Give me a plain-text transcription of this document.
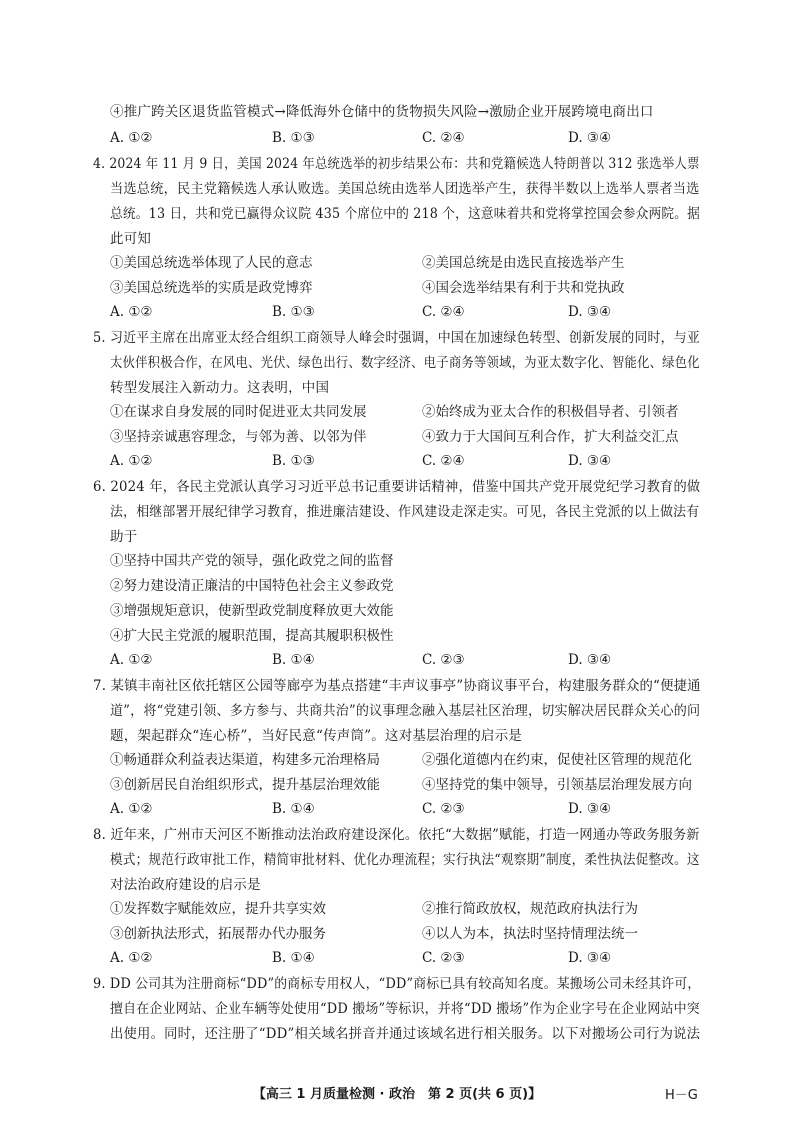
④推广跨关区退货监管模式→降低海外仓储中的货物损失风险→激励企业开展跨境电商出口
A. ①②	B. ①③	C. ②④	D. ③④
4. 2024 年 11 月 9 日，美国 2024 年总统选举的初步结果公布：共和党籍候选人特朗普以 312 张选举人票
当选总统，民主党籍候选人承认败选。美国总统由选举人团选举产生，获得半数以上选举人票者当选
总统。13 日，共和党已赢得众议院 435 个席位中的 218 个，这意味着共和党将掌控国会参众两院。据
此可知
①美国总统选举体现了人民的意志	②美国总统是由选民直接选举产生
③美国总统选举的实质是政党博弈	④国会选举结果有利于共和党执政
A. ①②	B. ①③	C. ②④	D. ③④
5. 习近平主席在出席亚太经合组织工商领导人峰会时强调，中国在加速绿色转型、创新发展的同时，与亚
太伙伴积极合作，在风电、光伏、绿色出行、数字经济、电子商务等领域，为亚太数字化、智能化、绿色化
转型发展注入新动力。这表明，中国
①在谋求自身发展的同时促进亚太共同发展	②始终成为亚太合作的积极倡导者、引领者
③坚持亲诚惠容理念，与邻为善、以邻为伴	④致力于大国间互利合作，扩大利益交汇点
A. ①②	B. ①③	C. ②④	D. ③④
6. 2024 年，各民主党派认真学习习近平总书记重要讲话精神，借鉴中国共产党开展党纪学习教育的做
法，相继部署开展纪律学习教育，推进廉洁建设、作风建设走深走实。可见，各民主党派的以上做法有
助于
①坚持中国共产党的领导，强化政党之间的监督
②努力建设清正廉洁的中国特色社会主义参政党
③增强规矩意识，使新型政党制度释放更大效能
④扩大民主党派的履职范围，提高其履职积极性
A. ①②	B. ①④	C. ②③	D. ③④
7. 某镇丰南社区依托辖区公园等廊亭为基点搭建“丰声议事亭”协商议事平台，构建服务群众的“便捷通
道”，将“党建引领、多方参与、共商共治”的议事理念融入基层社区治理，切实解决居民群众关心的问
题，架起群众“连心桥”，当好民意“传声筒”。这对基层治理的启示是
①畅通群众利益表达渠道，构建多元治理格局	②强化道德内在约束，促使社区管理的规范化
③创新居民自治组织形式，提升基层治理效能	④坚持党的集中领导，引领基层治理发展方向
A. ①②	B. ①④	C. ②③	D. ③④
8. 近年来，广州市天河区不断推动法治政府建设深化。依托“大数据”赋能，打造一网通办等政务服务新
模式；规范行政审批工作，精简审批材料、优化办理流程；实行执法“观察期”制度，柔性执法促整改。这
对法治政府建设的启示是
①发挥数字赋能效应，提升共享实效	②推行简政放权，规范政府执法行为
③创新执法形式，拓展帮办代办服务	④以人为本，执法时坚持情理法统一
A. ①②	B. ①④	C. ②③	D. ③④
9. DD 公司其为注册商标“DD”的商标专用权人，“DD”商标已具有较高知名度。某搬场公司未经其许可，
擅自在企业网站、企业车辆等处使用“DD 搬场”等标识，并将“DD 搬场”作为企业字号在企业网站中突
出使用。同时，还注册了“DD”相关域名拼音并通过该域名进行相关服务。以下对搬场公司行为说法
【高三 1 月质量检测 · 政治　第 2 页(共 6 页)】	H－G
